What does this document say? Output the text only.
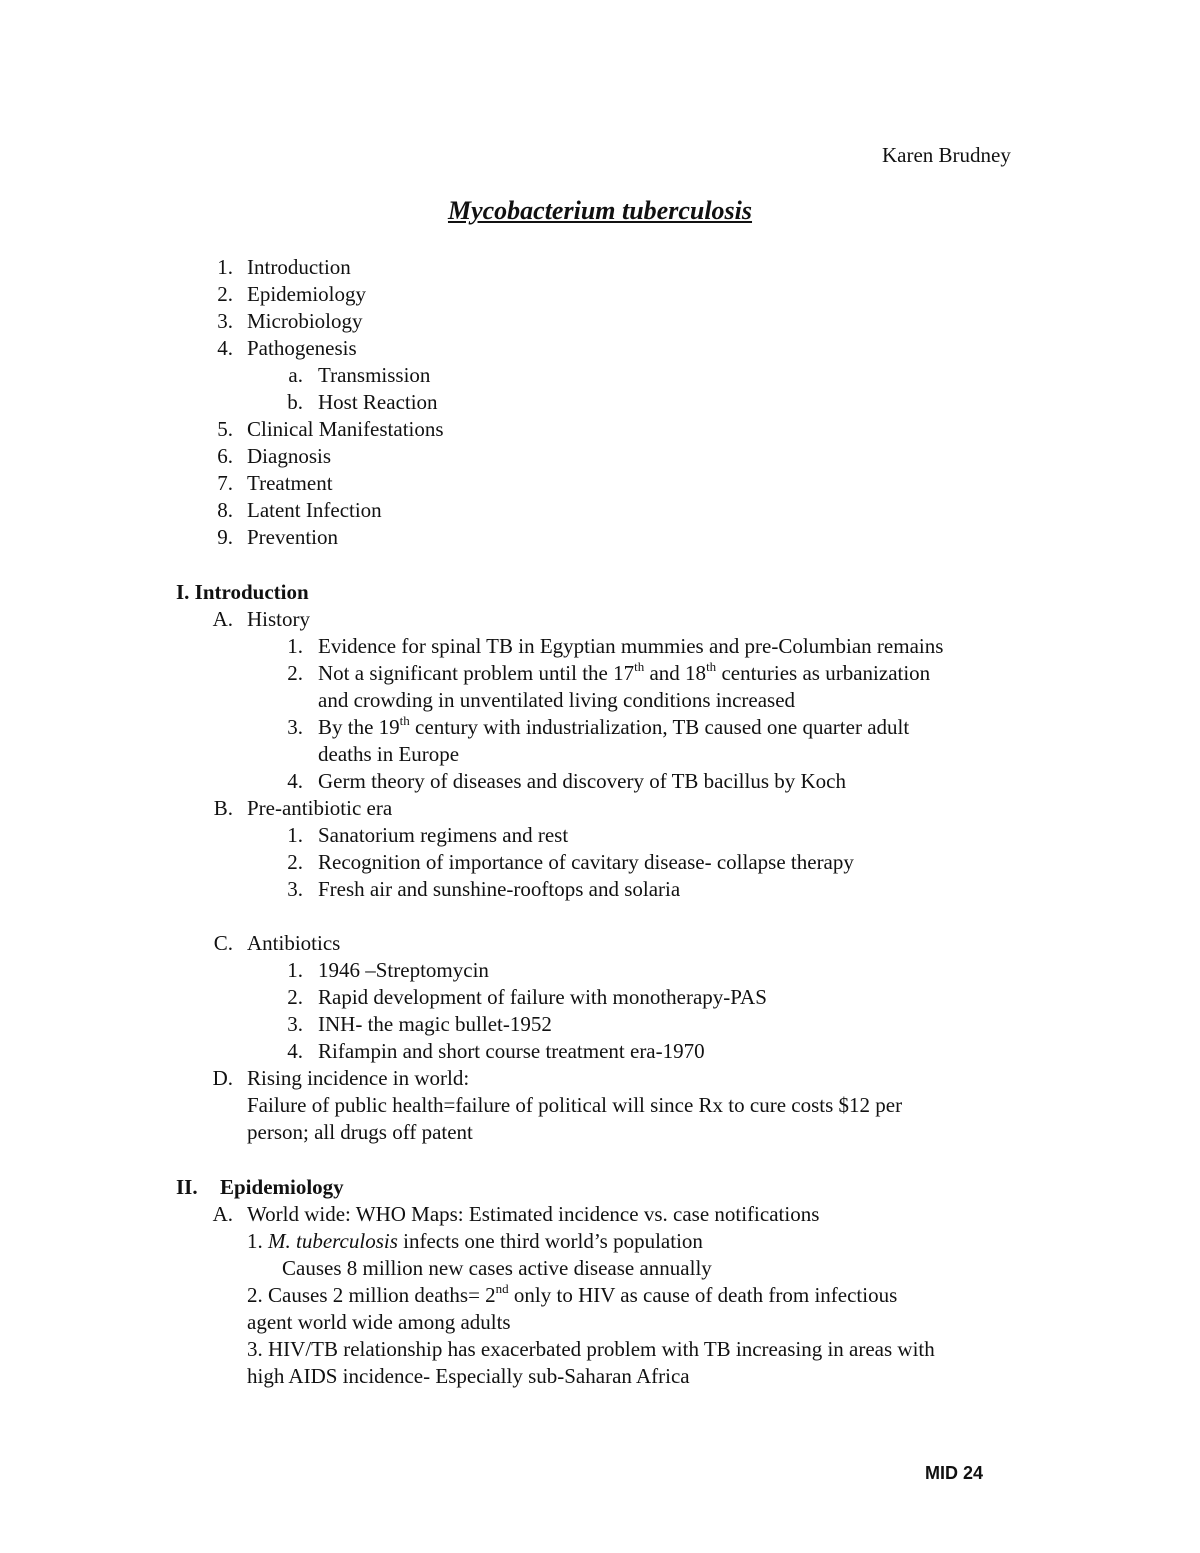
Karen Brudney
Mycobacterium tuberculosis
1. Introduction
2. Epidemiology
3. Microbiology
4. Pathogenesis
a. Transmission
b. Host Reaction
5. Clinical Manifestations
6. Diagnosis
7. Treatment
8. Latent Infection
9. Prevention
I. Introduction
A. History
1. Evidence for spinal TB in Egyptian mummies and pre-Columbian remains
2. Not a significant problem until the 17th and 18th centuries as urbanization
and crowding in unventilated living conditions increased
3. By the 19th century with industrialization, TB caused one quarter adult
deaths in Europe
4. Germ theory of diseases and discovery of TB bacillus by Koch
B. Pre-antibiotic era
1. Sanatorium regimens and rest
2. Recognition of importance of cavitary disease- collapse therapy
3. Fresh air and sunshine-rooftops and solaria
C. Antibiotics
1. 1946 –Streptomycin
2. Rapid development of failure with monotherapy-PAS
3. INH- the magic bullet-1952
4. Rifampin and short course treatment era-1970
D. Rising incidence in world:
Failure of public health=failure of political will since Rx to cure costs $12 per
person; all drugs off patent
II. Epidemiology
A. World wide: WHO Maps: Estimated incidence vs. case notifications
1. M. tuberculosis infects one third world’s population
Causes 8 million new cases active disease annually
2. Causes 2 million deaths= 2nd only to HIV as cause of death from infectious
agent world wide among adults
3. HIV/TB relationship has exacerbated problem with TB increasing in areas with
high AIDS incidence- Especially sub-Saharan Africa
MID 24
